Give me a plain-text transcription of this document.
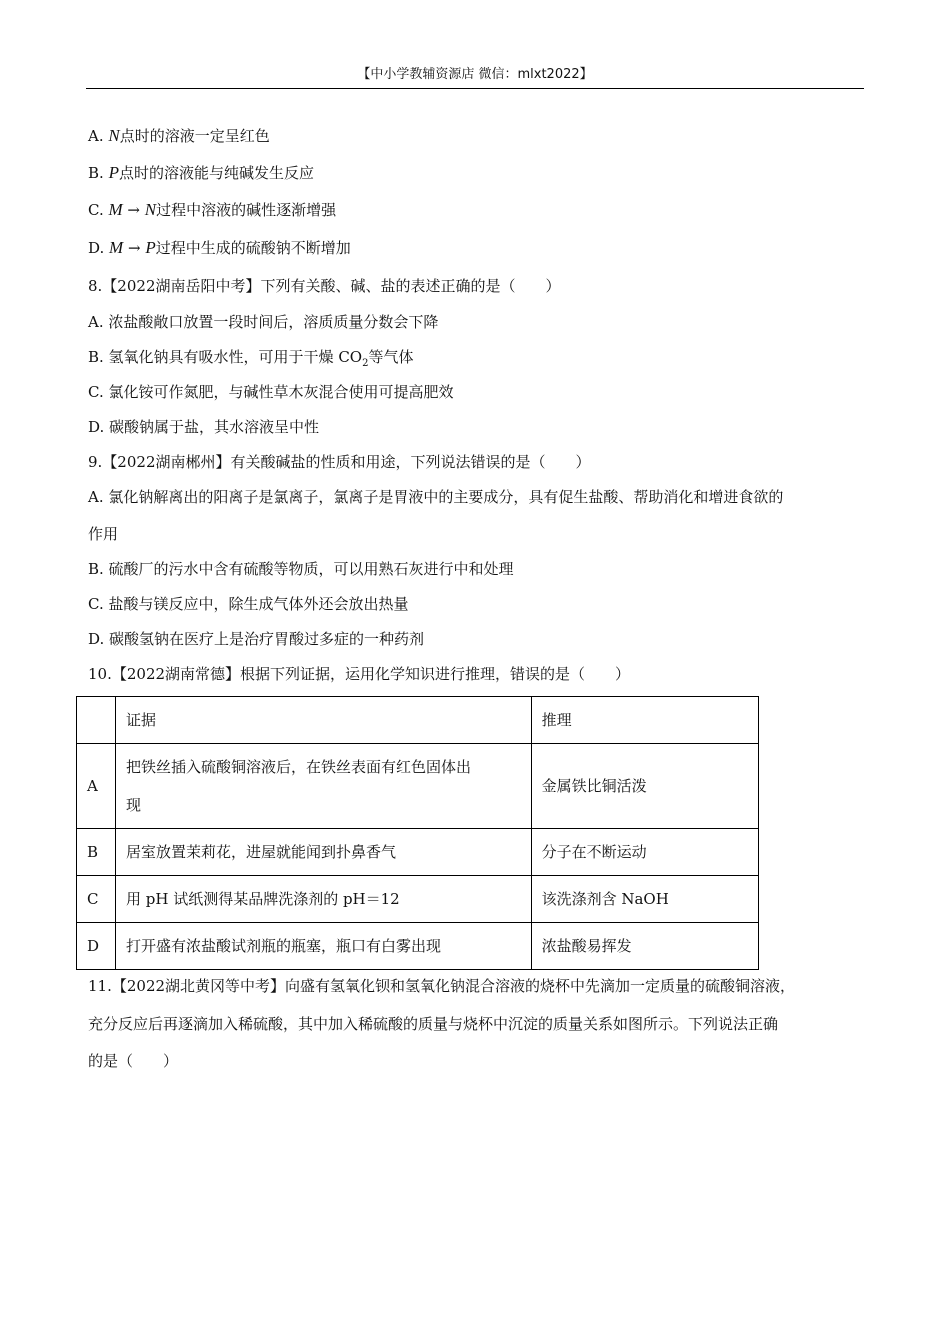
【中小学教辅资源店 微信：mlxt2022】
A. N点时的溶液一定呈红色
B. P点时的溶液能与纯碱发生反应
C. M → N过程中溶液的碱性逐渐增强
D. M → P过程中生成的硫酸钠不断增加
8.【2022湖南岳阳中考】下列有关酸、碱、盐的表述正确的是（　　）
A. 浓盐酸敞口放置一段时间后，溶质质量分数会下降
B. 氢氧化钠具有吸水性，可用于干燥 $CO_2$等气体
C. 氯化铵可作氮肥，与碱性草木灰混合使用可提高肥效
D. 碳酸钠属于盐，其水溶液呈中性
9.【2022湖南郴州】有关酸碱盐的性质和用途，下列说法错误的是（　　）
A. 氯化钠解离出的阳离子是氯离子，氯离子是胃液中的主要成分，具有促生盐酸、帮助消化和增进食欲的
作用
B. 硫酸厂的污水中含有硫酸等物质，可以用熟石灰进行中和处理
C. 盐酸与镁反应中，除生成气体外还会放出热量
D. 碳酸氢钠在医疗上是治疗胃酸过多症的一种药剂
10.【2022湖南常德】根据下列证据，运用化学知识进行推理，错误的是（　　）
11.【2022湖北黄冈等中考】向盛有氢氧化钡和氢氧化钠混合溶液的烧杯中先滴加一定质量的硫酸铜溶液，
充分反应后再逐滴加入稀硫酸，其中加入稀硫酸的质量与烧杯中沉淀的质量关系如图所示。下列说法正确
的是（　　）
	证据	推理
A	把铁丝插入硫酸铜溶液后，在铁丝表面有红色固体出
现	金属铁比铜活泼
B	居室放置茉莉花，进屋就能闻到扑鼻香气	分子在不断运动
C	用 pH 试纸测得某品牌洗涤剂的 pH＝12	该洗涤剂含 NaOH
D	打开盛有浓盐酸试剂瓶的瓶塞，瓶口有白雾出现	浓盐酸易挥发
